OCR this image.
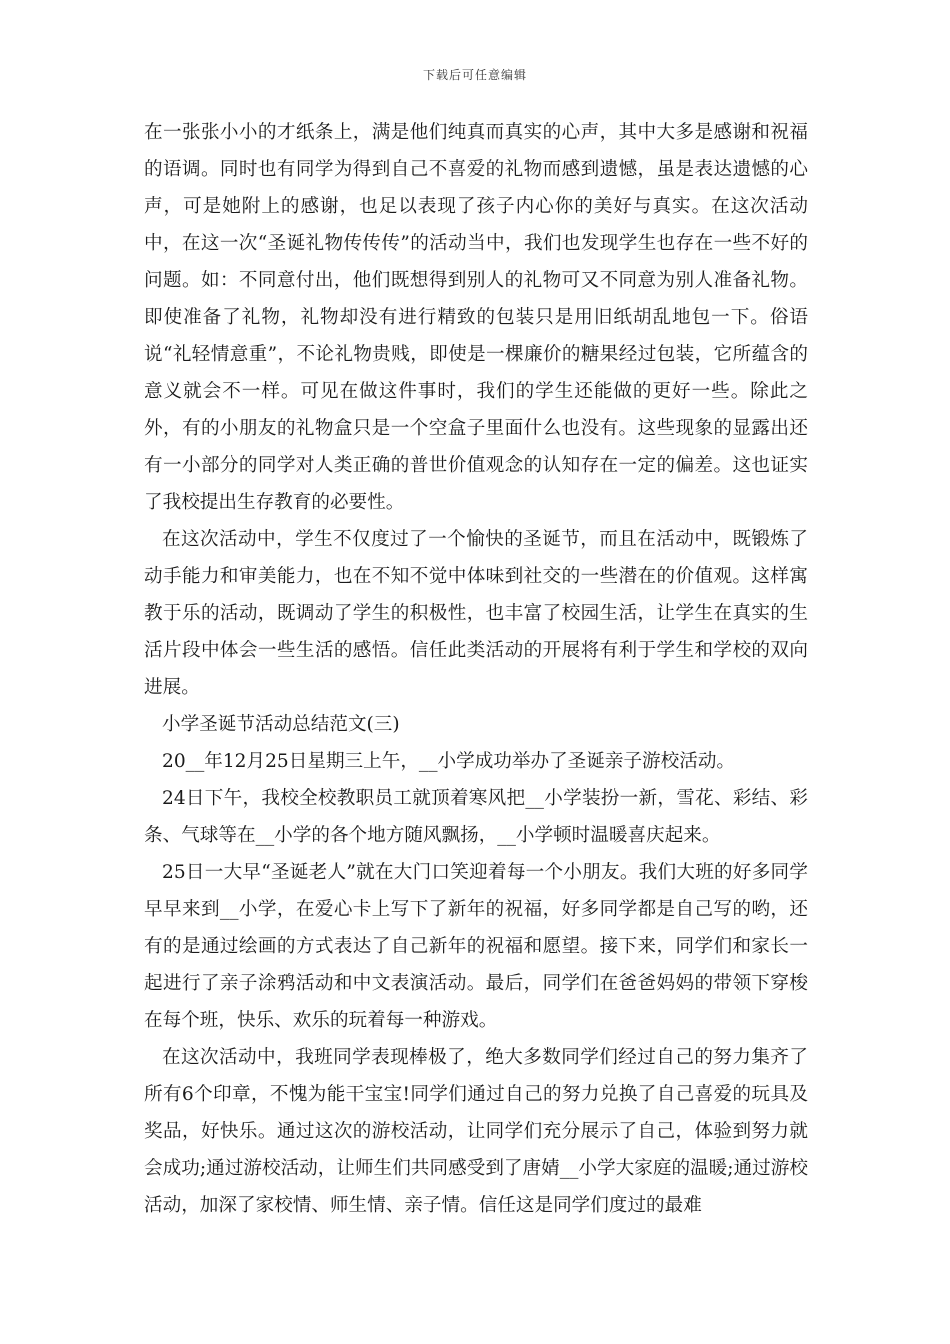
下载后可任意编辑

在一张张小小的才纸条上，满是他们纯真而真实的心声，其中大多是感谢和祝福的语调。同时也有同学为得到自己不喜爱的礼物而感到遗憾，虽是表达遗憾的心声，可是她附上的感谢，也足以表现了孩子内心你的美好与真实。在这次活动中，在这一次“圣诞礼物传传传”的活动当中，我们也发现学生也存在一些不好的问题。如：不同意付出，他们既想得到别人的礼物可又不同意为别人准备礼物。即使准备了礼物，礼物却没有进行精致的包装只是用旧纸胡乱地包一下。俗语说“礼轻情意重”，不论礼物贵贱，即使是一棵廉价的糖果经过包装，它所蕴含的意义就会不一样。可见在做这件事时，我们的学生还能做的更好一些。除此之外，有的小朋友的礼物盒只是一个空盒子里面什么也没有。这些现象的显露出还有一小部分的同学对人类正确的普世价值观念的认知存在一定的偏差。这也证实了我校提出生存教育的必要性。

在这次活动中，学生不仅度过了一个愉快的圣诞节，而且在活动中，既锻炼了动手能力和审美能力，也在不知不觉中体味到社交的一些潜在的价值观。这样寓教于乐的活动，既调动了学生的积极性，也丰富了校园生活，让学生在真实的生活片段中体会一些生活的感悟。信任此类活动的开展将有利于学生和学校的双向进展。

小学圣诞节活动总结范文(三)

20__年12月25日星期三上午，__小学成功举办了圣诞亲子游校活动。

24日下午，我校全校教职员工就顶着寒风把__小学装扮一新，雪花、彩结、彩条、气球等在__小学的各个地方随风飘扬，__小学顿时温暖喜庆起来。

25日一大早“圣诞老人”就在大门口笑迎着每一个小朋友。我们大班的好多同学早早来到__小学，在爱心卡上写下了新年的祝福，好多同学都是自己写的哟，还有的是通过绘画的方式表达了自己新年的祝福和愿望。接下来，同学们和家长一起进行了亲子涂鸦活动和中文表演活动。最后，同学们在爸爸妈妈的带领下穿梭在每个班，快乐、欢乐的玩着每一种游戏。

在这次活动中，我班同学表现棒极了，绝大多数同学们经过自己的努力集齐了所有6个印章，不愧为能干宝宝!同学们通过自己的努力兑换了自己喜爱的玩具及奖品，好快乐。通过这次的游校活动，让同学们充分展示了自己，体验到努力就会成功;通过游校活动，让师生们共同感受到了唐婧__小学大家庭的温暖;通过游校活动，加深了家校情、师生情、亲子情。信任这是同学们度过的最难
